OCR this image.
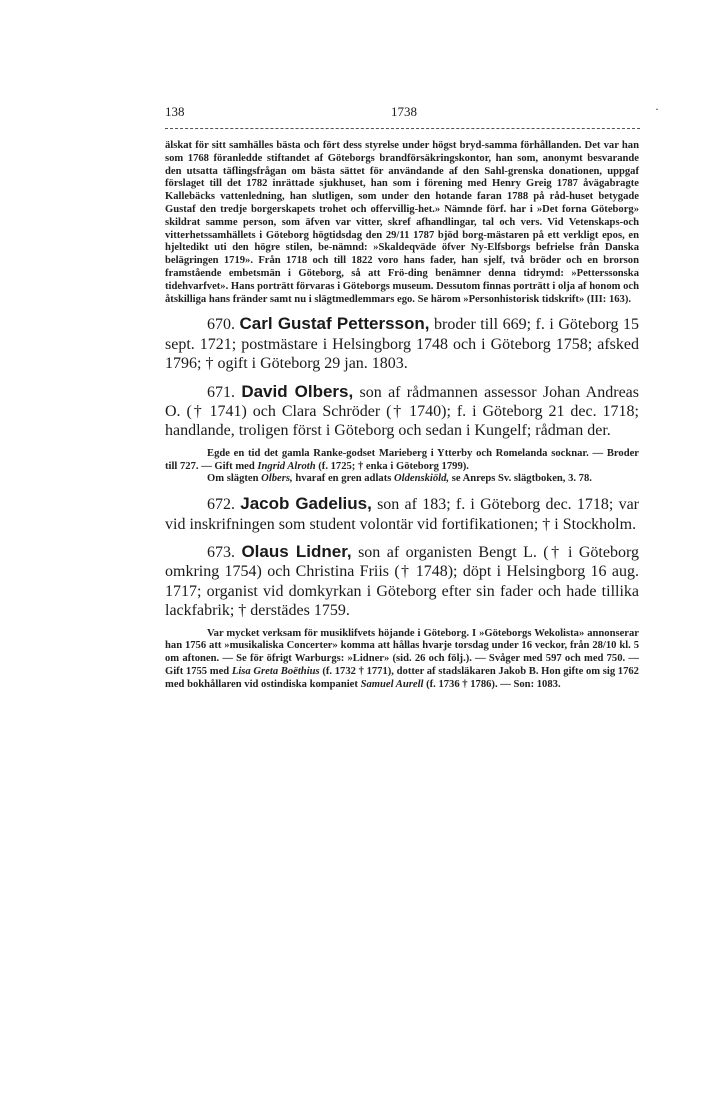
138	1738	·

älskat för sitt samhälles bästa och fört dess styrelse under högst bryd-samma förhållanden. Det var han som 1768 föranledde stiftandet af Göteborgs brandförsäkringskontor, han som, anonymt besvarande den utsatta täflingsfrågan om bästa sättet för användande af den Sahl-grenska donationen, uppgaf förslaget till det 1782 inrättade sjukhuset, han som i förening med Henry Greig 1787 åvägabragte Kallebäcks vattenledning, han slutligen, som under den hotande faran 1788 på råd-huset betygade Gustaf den tredje borgerskapets trohet och offervillig-het.» Nämnde förf. har i »Det forna Göteborg» skildrat samme person, som äfven var vitter, skref afhandlingar, tal och vers. Vid Vetenskaps-och vitterhetssamhällets i Göteborg högtidsdag den 29/11 1787 bjöd borg-mästaren på ett verkligt epos, en hjeltedikt uti den högre stilen, be-nämnd: »Skaldeqväde öfver Ny-Elfsborgs befrielse från Danska belägringen 1719». Från 1718 och till 1822 voro hans fader, han sjelf, två bröder och en brorson framstående embetsmän i Göteborg, så att Frö-ding benämner denna tidrymd: »Petterssonska tidehvarfvet». Hans porträtt förvaras i Göteborgs museum. Dessutom finnas porträtt i olja af honom och åtskilliga hans fränder samt nu i slägtmedlemmars ego. Se härom »Personhistorisk tidskrift» (III: 163).

670. Carl Gustaf Pettersson, broder till 669; f. i Göteborg 15 sept. 1721; postmästare i Helsingborg 1748 och i Göteborg 1758; afsked 1796; † ogift i Göteborg 29 jan. 1803.

671. David Olbers, son af rådmannen assessor Johan Andreas O. († 1741) och Clara Schröder († 1740); f. i Göteborg 21 dec. 1718; handlande, troligen först i Göteborg och sedan i Kungelf; rådman der.

Egde en tid det gamla Ranke-godset Marieberg i Ytterby och Romelanda socknar. — Broder till 727. — Gift med Ingrid Alroth (f. 1725; † enka i Göteborg 1799).

Om slägten Olbers, hvaraf en gren adlats Oldenskiöld, se Anreps Sv. slägtboken, 3. 78.

672. Jacob Gadelius, son af 183; f. i Göteborg dec. 1718; var vid inskrifningen som student volontär vid fortifikationen; † i Stockholm.

673. Olaus Lidner, son af organisten Bengt L. († i Göteborg omkring 1754) och Christina Friis († 1748); döpt i Helsingborg 16 aug. 1717; organist vid domkyrkan i Göteborg efter sin fader och hade tillika lackfabrik; † derstädes 1759.

Var mycket verksam för musiklifvets höjande i Göteborg. I »Göteborgs Wekolista» annonserar han 1756 att »musikaliska Concerter» komma att hållas hvarje torsdag under 16 veckor, från 28/10 kl. 5 om aftonen. — Se för öfrigt Warburgs: »Lidner» (sid. 26 och följ.). — Svåger med 597 och med 750. — Gift 1755 med Lisa Greta Boëthius (f. 1732 † 1771), dotter af stadsläkaren Jakob B. Hon gifte om sig 1762 med bokhållaren vid ostindiska kompaniet Samuel Aurell (f. 1736 † 1786). — Son: 1083.
